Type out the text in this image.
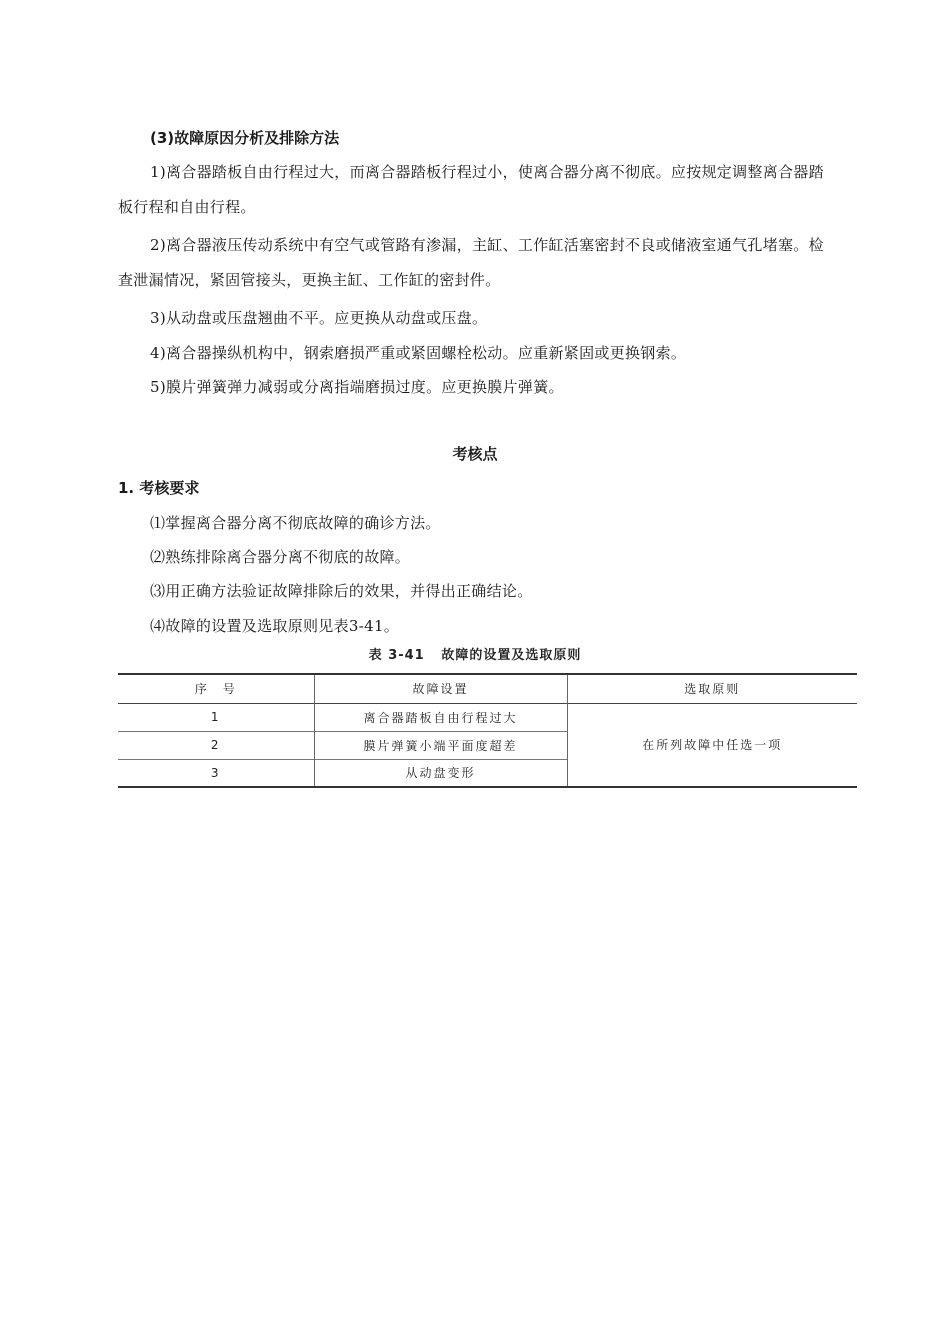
(3)故障原因分析及排除方法

1)离合器踏板自由行程过大，而离合器踏板行程过小，使离合器分离不彻底。应按规定调整离合器踏板行程和自由行程。

2)离合器液压传动系统中有空气或管路有渗漏，主缸、工作缸活塞密封不良或储液室通气孔堵塞。检查泄漏情况，紧固管接头，更换主缸、工作缸的密封件。

3)从动盘或压盘翘曲不平。应更换从动盘或压盘。

4)离合器操纵机构中，钢索磨损严重或紧固螺栓松动。应重新紧固或更换钢索。

5)膜片弹簧弹力减弱或分离指端磨损过度。应更换膜片弹簧。

考核点
1. 考核要求
⑴掌握离合器分离不彻底故障的确诊方法。
⑵熟练排除离合器分离不彻底的故障。
⑶用正确方法验证故障排除后的效果，并得出正确结论。
⑷故障的设置及选取原则见表3-41。
表 3-41 故障的设置及选取原则
序　号	故障设置	选取原则
1	离合器踏板自由行程过大	在所列故障中任选一项
2	膜片弹簧小端平面度超差	
3	从动盘变形	
